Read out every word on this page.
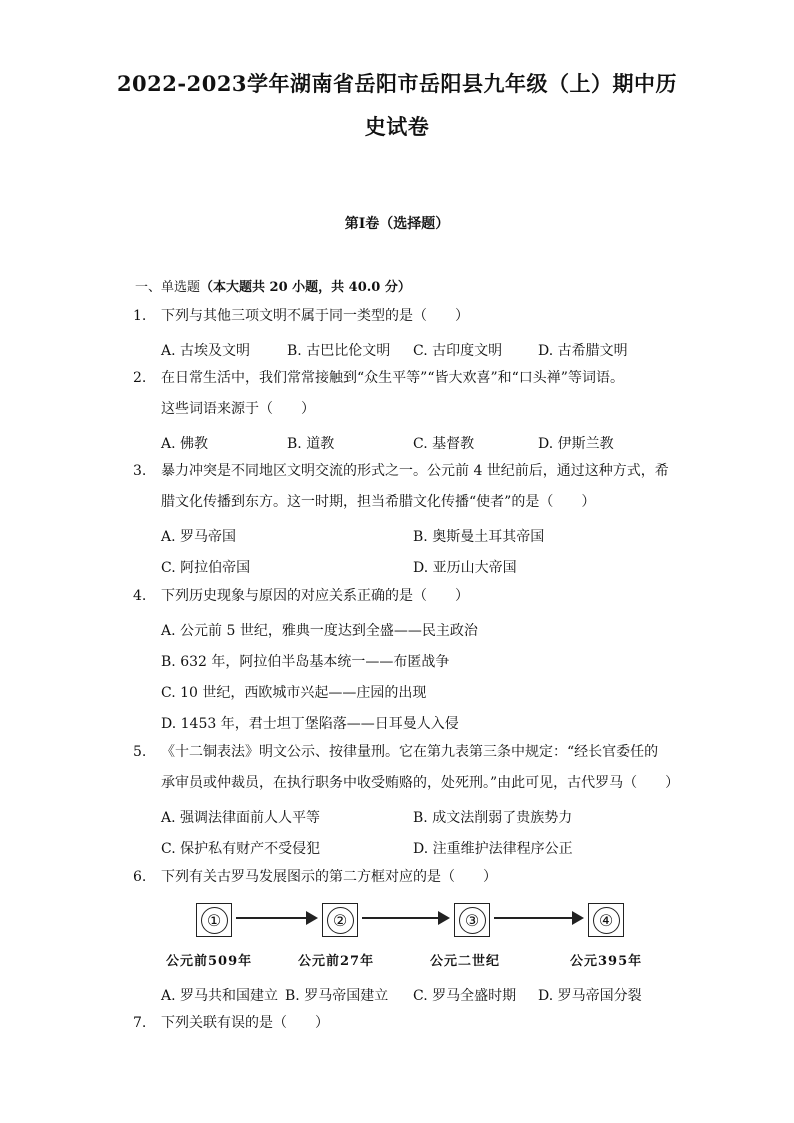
2022-2023学年湖南省岳阳市岳阳县九年级（上）期中历
史试卷
第Ⅰ卷（选择题）
一、单选题（本大题共 20 小题，共 40.0 分）
1.	下列与其他三项文明不属于同一类型的是（　　）
A. 古埃及文明	B. 古巴比伦文明 C. 古印度文明	D. 古希腊文明
2.	在日常生活中，我们常常接触到“众生平等”“皆大欢喜”和“口头禅”等词语。
这些词语来源于（　　）
A. 佛教	B. 道教	C. 基督教	D. 伊斯兰教
3.	暴力冲突是不同地区文明交流的形式之一。公元前 4 世纪前后，通过这种方式，希
腊文化传播到东方。这一时期，担当希腊文化传播“使者”的是（　　）
A. 罗马帝国	B. 奥斯曼土耳其帝国
C. 阿拉伯帝国	D. 亚历山大帝国
4.	下列历史现象与原因的对应关系正确的是（　　）
A. 公元前 5 世纪，雅典一度达到全盛——民主政治
B. 632 年，阿拉伯半岛基本统一——布匿战争
C. 10 世纪，西欧城市兴起——庄园的出现
D. 1453 年，君士坦丁堡陷落——日耳曼人入侵
5.	《十二铜表法》明文公示、按律量刑。它在第九表第三条中规定：“经长官委任的
承审员或仲裁员，在执行职务中收受贿赂的，处死刑。”由此可见，古代罗马（　　）
A. 强调法律面前人人平等	B. 成文法削弱了贵族势力
C. 保护私有财产不受侵犯	D. 注重维护法律程序公正
6.	下列有关古罗马发展图示的第二方框对应的是（　　）
①	②	③	④
公元前509年	公元前27年	公元二世纪	公元395年
A. 罗马共和国建立 B. 罗马帝国建立 C. 罗马全盛时期 D. 罗马帝国分裂
7.	下列关联有误的是（　　）
